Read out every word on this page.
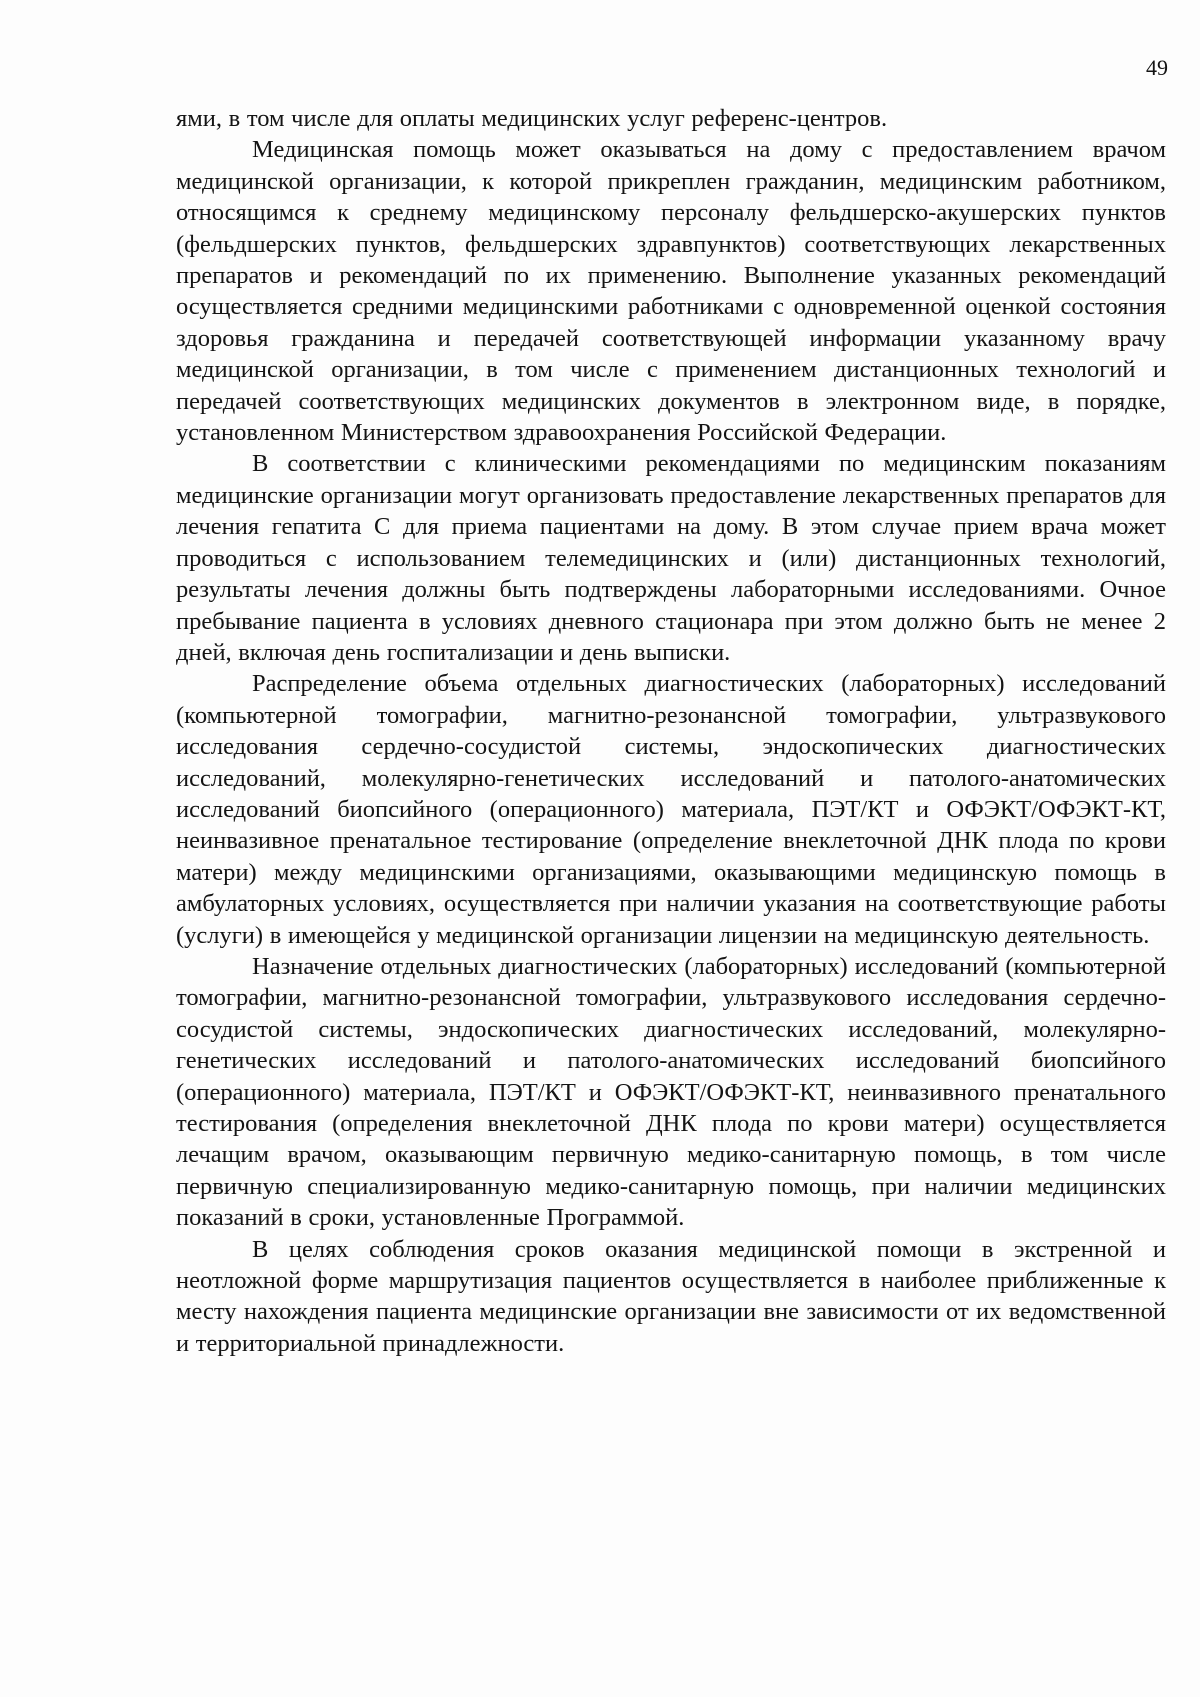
49

ями, в том числе для оплаты медицинских услуг референс-центров.

Медицинская помощь может оказываться на дому с предоставлением врачом медицинской организации, к которой прикреплен гражданин, медицинским работником, относящимся к среднему медицинскому персоналу фельдшерско-акушерских пунктов (фельдшерских пунктов, фельдшерских здравпунктов) соответствующих лекарственных препаратов и рекомендаций по их применению. Выполнение указанных рекомендаций осуществляется средними медицинскими работниками с одновременной оценкой состояния здоровья гражданина и передачей соответствующей информации указанному врачу медицинской организации, в том числе с применением дистанционных технологий и передачей соответствующих медицинских документов в электронном виде, в порядке, установленном Министерством здравоохранения Российской Федерации.

В соответствии с клиническими рекомендациями по медицинским показаниям медицинские организации могут организовать предоставление лекарственных препаратов для лечения гепатита С для приема пациентами на дому. В этом случае прием врача может проводиться с использованием телемедицинских и (или) дистанционных технологий, результаты лечения должны быть подтверждены лабораторными исследованиями. Очное пребывание пациента в условиях дневного стационара при этом должно быть не менее 2 дней, включая день госпитализации и день выписки.

Распределение объема отдельных диагностических (лабораторных) исследований (компьютерной томографии, магнитно-резонансной томографии, ультразвукового исследования сердечно-сосудистой системы, эндоскопических диагностических исследований, молекулярно-генетических исследований и патолого-анатомических исследований биопсийного (операционного) материала, ПЭТ/КТ и ОФЭКТ/ОФЭКТ-КТ, неинвазивное пренатальное тестирование (определение внеклеточной ДНК плода по крови матери) между медицинскими организациями, оказывающими медицинскую помощь в амбулаторных условиях, осуществляется при наличии указания на соответствующие работы (услуги) в имеющейся у медицинской организации лицензии на медицинскую деятельность.

Назначение отдельных диагностических (лабораторных) исследований (компьютерной томографии, магнитно-резонансной томографии, ультразвукового исследования сердечно-сосудистой системы, эндоскопических диагностических исследований, молекулярно-генетических исследований и патолого-анатомических исследований биопсийного (операционного) материала, ПЭТ/КТ и ОФЭКТ/ОФЭКТ-КТ, неинвазивного пренатального тестирования (определения внеклеточной ДНК плода по крови матери) осуществляется лечащим врачом, оказывающим первичную медико-санитарную помощь, в том числе первичную специализированную медико-санитарную помощь, при наличии медицинских показаний в сроки, установленные Программой.

В целях соблюдения сроков оказания медицинской помощи в экстренной и неотложной форме маршрутизация пациентов осуществляется в наиболее приближенные к месту нахождения пациента медицинские организации вне зависимости от их ведомственной и территориальной принадлежности.
